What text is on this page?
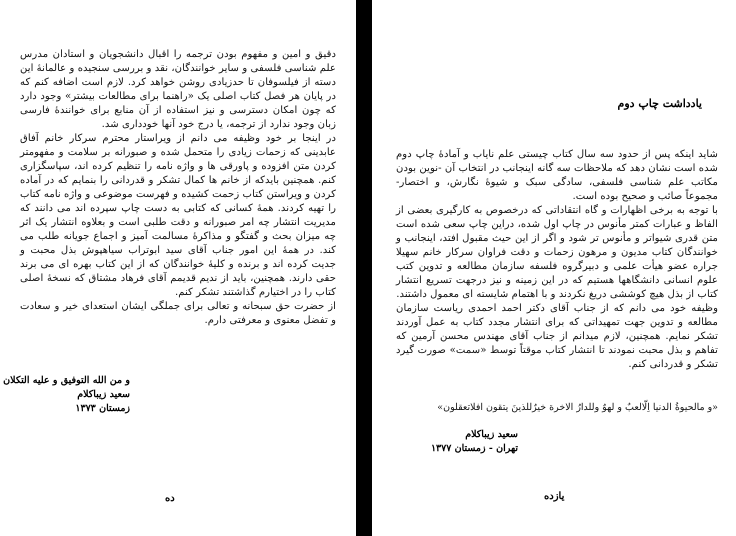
دقیق و امین و مفهوم بودن ترجمه را اقبال دانشجویان و استادان مدرس علم شناسی فلسفی و سایر خوانندگان، نقد و بررسی سنجیده و عالمانهٔ این دسته از فیلسوفان تا حدزیادی روشن خواهد کرد. لازم است اضافه کنم که در پایان هر فصل کتاب اصلی یک «راهنما برای مطالعات بیشتر» وجود دارد که چون امکان دسترسی و نیز استفاده از آن منابع برای خوانندهٔ فارسی زبان وجود ندارد از ترجمه، یا درج خود آنها خودداری شد.

در اینجا بر خود وظیفه می دانم از ویراستار محترم سرکار خانم آفاق عابدینی که زحمات زیادی را متحمل شده و صبورانه بر سلامت و مفهومتر کردن متن افزوده و پاورقی ها و واژه نامه را تنظیم کرده اند، سپاسگزاری کنم. همچنین بایدکه از خانم ها کمال تشکر و قدردانی را بنمایم که در آماده کردن و ویراستن کتاب زحمت کشیده و فهرست موضوعی و واژه نامه کتاب را تهیه کردند. همهٔ کسانی که کتابی به دست چاپ سپرده اند می دانند که مدیریت انتشار چه امر صبورانه و دقت طلبی است و بعلاوه انتشار یک اثر چه میزان بحث و گفتگو و مذاکرهٔ مسالمت آمیز و اجماع جویانه طلب می کند. در همهٔ این امور جناب آقای سید ابوتراب سیاهپوش بذل محبت و جدیت کرده اند و برنده و کلیهٔ خوانندگان که از این کتاب بهره ای می برند حقی دارند. همچنین، باید از ندیم قدیمم آقای فرهاد مشتاق که نسخهٔ اصلی کتاب را در اختیارم گذاشتند تشکر کنم.

از حضرت حق سبحانه و تعالی برای جملگی ایشان استعدای خیر و سعادت و تفضل معنوی و معرفتی دارم.

و من الله التوفیق و علیه التکلان
سعید زیباکلام
زمستان ۱۳۷۳
ده
یادداشت چاپ دوم

شاید اینکه پس از حدود سه سال کتاب چیستی علم ناياب و آمادهٔ چاپ دوم شده است نشان دهد که ملاحظات سه گانه اینجانب در انتخاب آن -نوین بودن مکاتب علم شناسی فلسفی، سادگی سبک و شیوهٔ نگارش، و اختصار- مجموعاً صائب و صحیح بوده است.

با توجه به برخی اظهارات و گاه انتقاداتی که درخصوص به کارگیری بعضی از الفاظ و عبارات کمتر مأنوس در چاپ اول شده، دراین چاپ سعی شده است متن قدری شیواتر و مأنوس تر شود و اگر از این حیث مقبول افتد، اینجانب و خوانندگان کتاب مدیون و مرهون زحمات و دقت فراوان سرکار خانم سهیلا جراره عضو هیأت علمی و دبیرگروه فلسفه سازمان مطالعه و تدوین کتب علوم انسانی دانشگاهها هستیم که در این زمینه و نیز درجهت تسریع انتشار کتاب از بذل هیچ کوششی دریغ نکردند و با اهتمام شایسته ای معمول داشتند.

وظیفه خود می دانم که از جناب آقای دکتر احمد احمدی ریاست سازمان مطالعه و تدوین جهت تمهیداتی که برای انتشار مجدد کتاب به عمل آوردند تشکر نمایم. همچنین، لازم میدانم از جناب آقای مهندس محسن آرمین که تفاهم و بذل محبت نمودند تا انتشار کتاب موقتاً توسط «سمت» صورت گیرد تشکر و قدردانی کنم.

«و مالحیوةُ الدنیا اِلّالعبٌ و لهوٌ وللدارُ الاخرة خیرٌللذینَ یتقون افلاتعقلون»
سعید زیباکلام
تهران - زمستان ۱۳۷۷
یازده
